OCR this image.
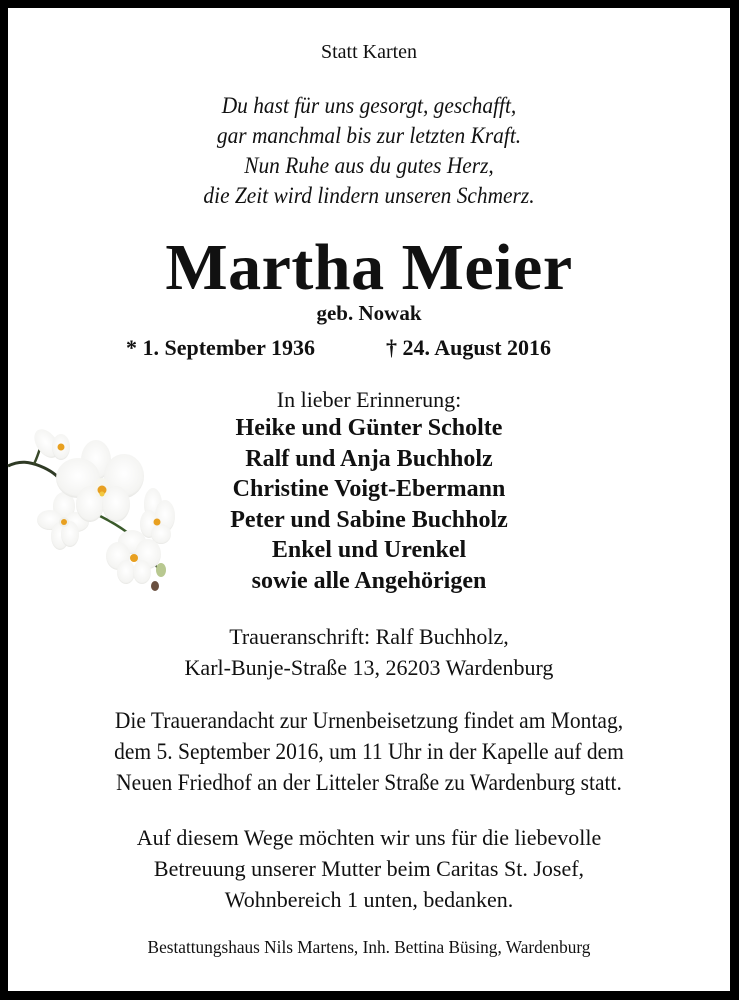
Statt Karten
Du hast für uns gesorgt, geschafft,
gar manchmal bis zur letzten Kraft.
Nun Ruhe aus du gutes Herz,
die Zeit wird lindern unseren Schmerz.
Martha Meier
geb. Nowak
* 1. September 1936	† 24. August 2016
In lieber Erinnerung:
Heike und Günter Scholte
Ralf und Anja Buchholz
Christine Voigt-Ebermann
Peter und Sabine Buchholz
Enkel und Urenkel
sowie alle Angehörigen
Traueranschrift: Ralf Buchholz,
Karl-Bunje-Straße 13, 26203 Wardenburg
Die Trauerandacht zur Urnenbeisetzung findet am Montag,
dem 5. September 2016, um 11 Uhr in der Kapelle auf dem
Neuen Friedhof an der Litteler Straße zu Wardenburg statt.
Auf diesem Wege möchten wir uns für die liebevolle
Betreuung unserer Mutter beim Caritas St. Josef,
Wohnbereich 1 unten, bedanken.
Bestattungshaus Nils Martens, Inh. Bettina Büsing, Wardenburg
